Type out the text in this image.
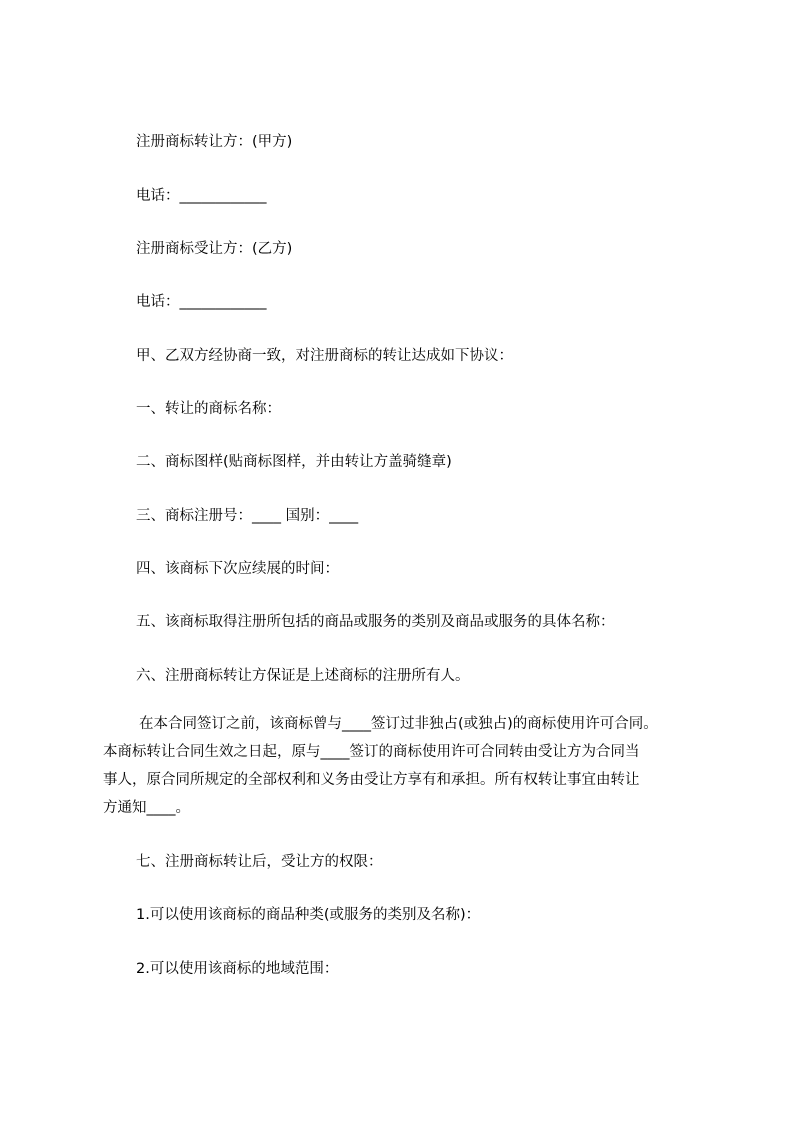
注册商标转让方：(甲方)
电话：____________
注册商标受让方：(乙方)
电话：____________
甲、乙双方经协商一致，对注册商标的转让达成如下协议：
一、转让的商标名称：
二、商标图样(贴商标图样，并由转让方盖骑缝章)
三、商标注册号：____ 国别：____
四、该商标下次应续展的时间：
五、该商标取得注册所包括的商品或服务的类别及商品或服务的具体名称：
六、注册商标转让方保证是上述商标的注册所有人。
在本合同签订之前，该商标曾与____签订过非独占(或独占)的商标使用许可合同。
本商标转让合同生效之日起，原与____签订的商标使用许可合同转由受让方为合同当
事人，原合同所规定的全部权利和义务由受让方享有和承担。所有权转让事宜由转让
方通知____。
七、注册商标转让后，受让方的权限：
1.可以使用该商标的商品种类(或服务的类别及名称)：
2.可以使用该商标的地域范围：
